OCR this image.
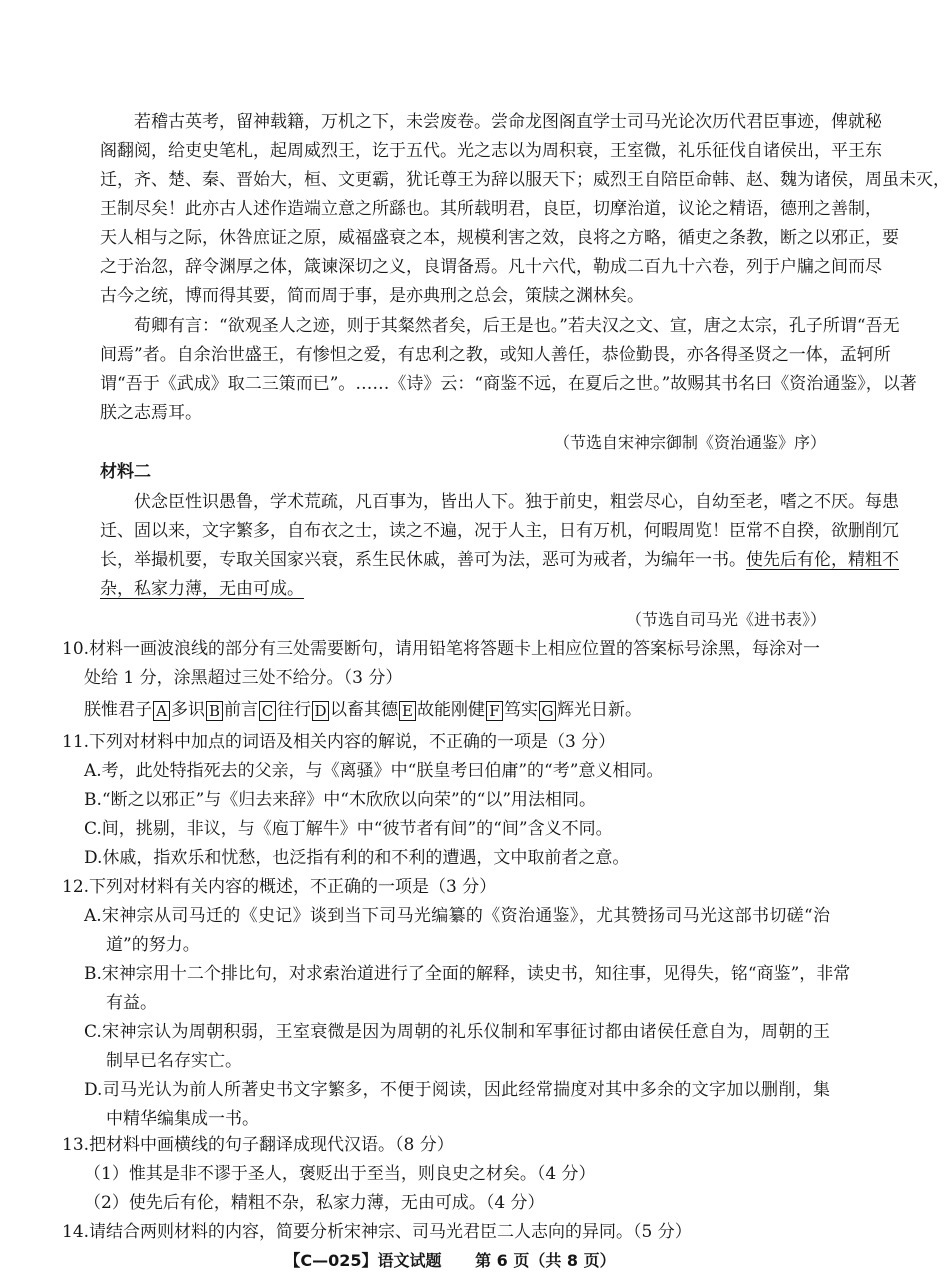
若稽古英考，留神载籍，万机之下，未尝废卷。尝命龙图阁直学士司马光论次历代君臣事迹，俾就秘
阁翻阅，给吏史笔札，起周威烈王，讫于五代。光之志以为周积衰，王室微，礼乐征伐自诸侯出，平王东
迁，齐、楚、秦、晋始大，桓、文更霸，犹讬尊王为辞以服天下；威烈王自陪臣命韩、赵、魏为诸侯，周虽未灭，
王制尽矣！此亦古人述作造端立意之所繇也。其所载明君，良臣，切摩治道，议论之精语，德刑之善制，
天人相与之际，休咎庶证之原，威福盛衰之本，规模利害之效，良将之方略，循吏之条教，断之以邪正，要
之于治忽，辞令渊厚之体，箴谏深切之义，良谓备焉。凡十六代，勒成二百九十六卷，列于户牖之间而尽
古今之统，博而得其要，简而周于事，是亦典刑之总会，策牍之渊林矣。
荀卿有言：“欲观圣人之迹，则于其粲然者矣，后王是也。”若夫汉之文、宣，唐之太宗，孔子所谓“吾无
间焉”者。自余治世盛王，有惨怛之爱，有忠利之教，或知人善任，恭俭勤畏，亦各得圣贤之一体，孟轲所
谓“吾于《武成》取二三策而已”。……《诗》云：“商鉴不远，在夏后之世。”故赐其书名曰《资治通鉴》，以著
朕之志焉耳。
（节选自宋神宗御制《资治通鉴》序）
材料二
伏念臣性识愚鲁，学术荒疏，凡百事为，皆出人下。独于前史，粗尝尽心，自幼至老，嗜之不厌。每患
迁、固以来，文字繁多，自布衣之士，读之不遍，况于人主，日有万机，何暇周览！臣常不自揆，欲删削冗
长，举撮机要，专取关国家兴衰，系生民休戚，善可为法，恶可为戒者，为编年一书。使先后有伦，精粗不
杂，私家力薄，无由可成。
（节选自司马光《进书表》）
10.材料一画波浪线的部分有三处需要断句，请用铅笔将答题卡上相应位置的答案标号涂黑，每涂对一
处给 1 分，涂黑超过三处不给分。（3 分）
朕惟君子 A 多识 B 前言 C 往行 D 以畜其德 E 故能刚健 F 笃实 G 辉光日新。
11.下列对材料中加点的词语及相关内容的解说，不正确的一项是（3 分）
A.考，此处特指死去的父亲，与《离骚》中“朕皇考曰伯庸”的“考”意义相同。
B.“断之以邪正”与《归去来辞》中“木欣欣以向荣”的“以”用法相同。
C.间，挑剔，非议，与《庖丁解牛》中“彼节者有间”的“间”含义不同。
D.休戚，指欢乐和忧愁，也泛指有利的和不利的遭遇，文中取前者之意。
12.下列对材料有关内容的概述，不正确的一项是（3 分）
A.宋神宗从司马迁的《史记》谈到当下司马光编纂的《资治通鉴》，尤其赞扬司马光这部书切磋“治
道”的努力。
B.宋神宗用十二个排比句，对求索治道进行了全面的解释，读史书，知往事，见得失，铭“商鉴”，非常
有益。
C.宋神宗认为周朝积弱，王室衰微是因为周朝的礼乐仪制和军事征讨都由诸侯任意自为，周朝的王
制早已名存实亡。
D.司马光认为前人所著史书文字繁多，不便于阅读，因此经常揣度对其中多余的文字加以删削，集
中精华编集成一书。
13.把材料中画横线的句子翻译成现代汉语。（8 分）
（1）惟其是非不谬于圣人，褒贬出于至当，则良史之材矣。（4 分）
（2）使先后有伦，精粗不杂，私家力薄，无由可成。（4 分）
14.请结合两则材料的内容，简要分析宋神宗、司马光君臣二人志向的异同。（5 分）
【C—025】语文试题 第 6 页（共 8 页）
